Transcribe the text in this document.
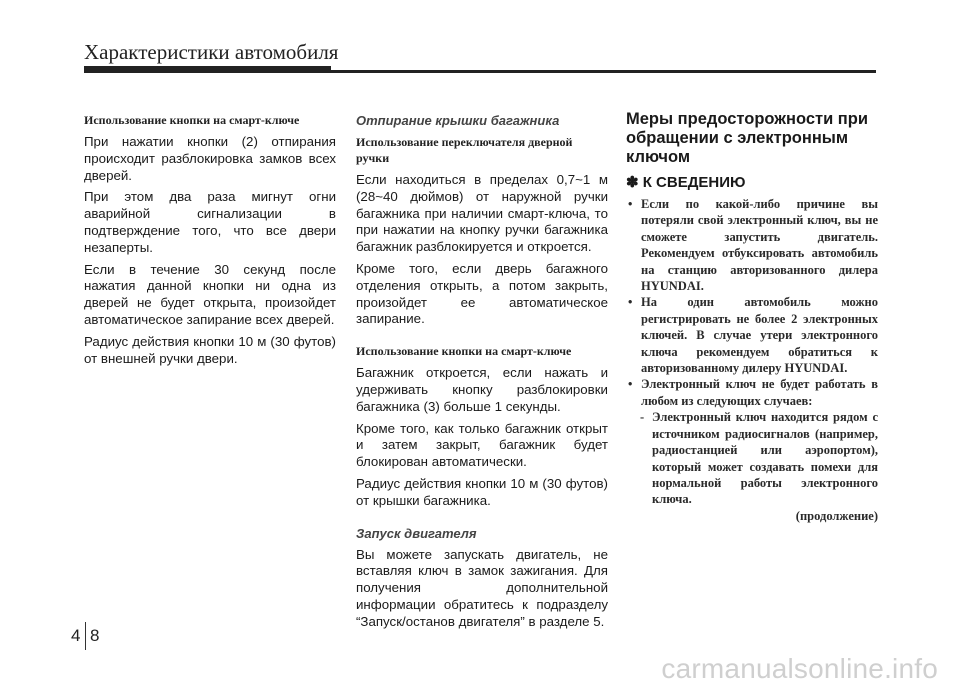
Характеристики автомобиля
Использование кнопки на смарт-ключе
При нажатии кнопки (2) отпирания происходит разблокировка замков всех дверей.
При этом два раза мигнут огни аварийной сигнализации в подтверждение того, что все двери незаперты.
Если в течение 30 секунд после нажатия данной кнопки ни одна из дверей не будет открыта, произойдет автоматическое запирание всех дверей.
Радиус действия кнопки 10 м (30 футов) от внешней ручки двери.
Отпирание крышки багажника
Использование переключателя дверной ручки
Если находиться в пределах 0,7~1 м (28~40 дюймов) от наружной ручки багажника при наличии смарт-ключа, то при нажатии на кнопку ручки багажника багажник разблокируется и откроется.
Кроме того, если дверь багажного отделения открыть, а потом закрыть, произойдет ее автоматическое запирание.
Использование кнопки на смарт-ключе
Багажник откроется, если нажать и удерживать кнопку разблокировки багажника (3) больше 1 секунды.
Кроме того, как только багажник открыт и затем закрыт, багажник будет блокирован автоматически.
Радиус действия кнопки 10 м (30 футов) от крышки багажника.
Запуск двигателя
Вы можете запускать двигатель, не вставляя ключ в замок зажигания. Для получения дополнительной информации обратитесь к подразделу “Запуск/останов двигателя” в разделе 5.
Меры предосторожности при обращении с электронным ключом
✽ К СВЕДЕНИЮ
• Если по какой-либо причине вы потеряли свой электронный ключ, вы не сможете запустить двигатель. Рекомендуем отбуксировать автомобиль на станцию авторизованного дилера HYUNDAI.
• На один автомобиль можно регистрировать не более 2 электронных ключей. В случае утери электронного ключа рекомендуем обратиться к авторизованному дилеру HYUNDAI.
• Электронный ключ не будет работать в любом из следующих случаев:
- Электронный ключ находится рядом с источником радиосигналов (например, радиостанцией или аэропортом), который может создавать помехи для нормальной работы электронного ключа.
(продолжение)
4 8
carmanualsonline.info
